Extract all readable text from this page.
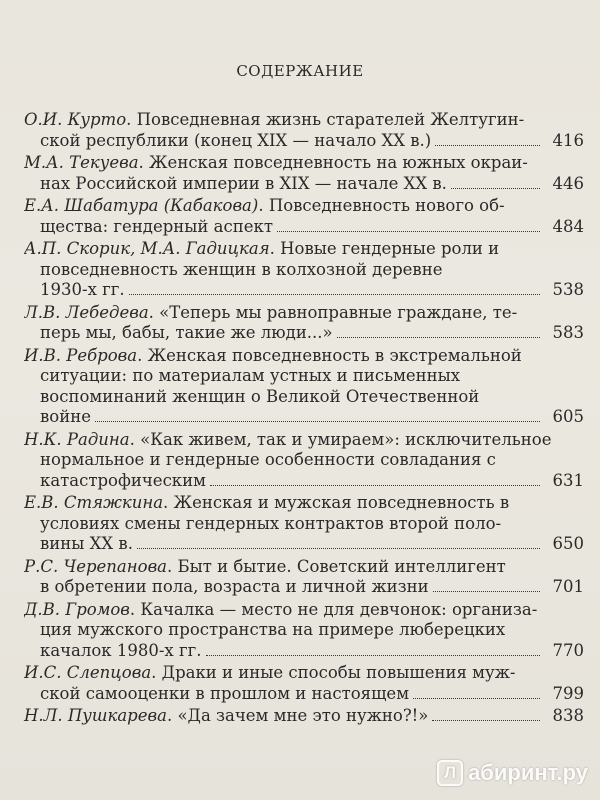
СОДЕРЖАНИЕ
О.И. Курто. Повседневная жизнь старателей Желтугин-
ской республики (конец XIX — начало XX в.)	416
М.А. Текуева. Женская повседневность на южных окраи-
нах Российской империи в XIX — начале XX в.	446
Е.А. Шабатура (Кабакова). Повседневность нового об-
щества: гендерный аспект	484
А.П. Скорик, М.А. Гадицкая. Новые гендерные роли и
повседневность женщин в колхозной деревне
1930-х гг.	538
Л.В. Лебедева. «Теперь мы равноправные граждане, те-
перь мы, бабы, такие же люди...»	583
И.В. Реброва. Женская повседневность в экстремальной
ситуации: по материалам устных и письменных
воспоминаний женщин о Великой Отечественной
войне	605
Н.К. Радина. «Как живем, так и умираем»: исключительное
нормальное и гендерные особенности совладания с
катастрофическим	631
Е.В. Стяжкина. Женская и мужская повседневность в
условиях смены гендерных контрактов второй поло-
вины XX в.	650
Р.С. Черепанова. Быт и бытие. Советский интеллигент
в обретении пола, возраста и личной жизни	701
Д.В. Громов. Качалка — место не для девчонок: организа-
ция мужского пространства на примере люберецких
качалок 1980-х гг.	770
И.С. Слепцова. Драки и иные способы повышения муж-
ской самооценки в прошлом и настоящем	799
Н.Л. Пушкарева. «Да зачем мне это нужно?!»	838
Л абиринт.ру
